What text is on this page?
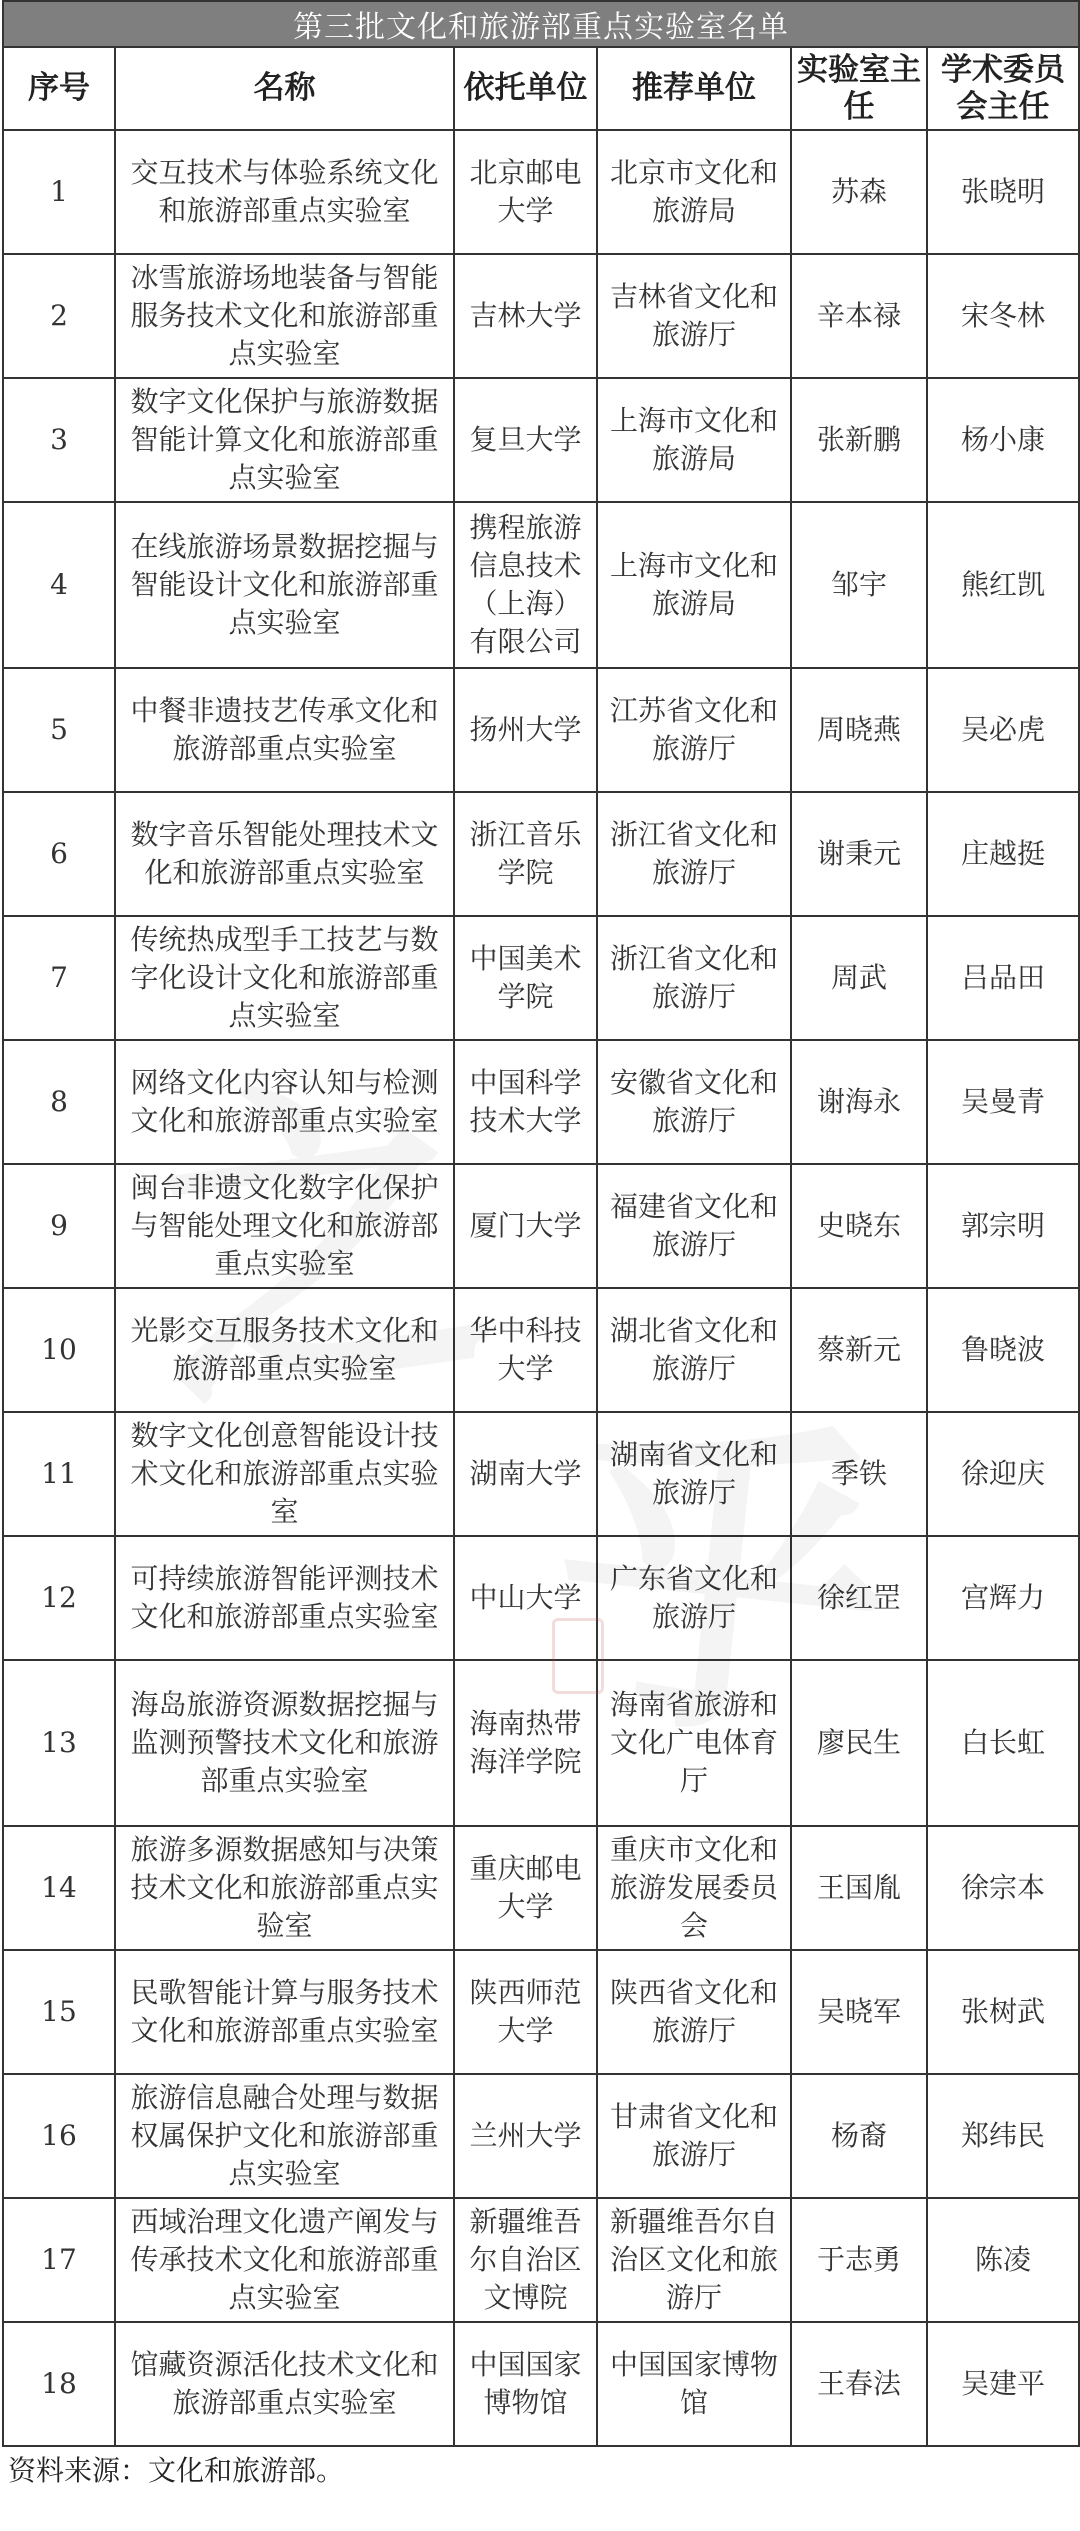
第三批文化和旅游部重点实验室名单					
序号	名称	依托单位	推荐单位	实验室主任	学术委员会主任
1	交互技术与体验系统文化和旅游部重点实验室	北京邮电大学	北京市文化和旅游局	苏森	张晓明
2	冰雪旅游场地装备与智能服务技术文化和旅游部重点实验室	吉林大学	吉林省文化和旅游厅	辛本禄	宋冬林
3	数字文化保护与旅游数据智能计算文化和旅游部重点实验室	复旦大学	上海市文化和旅游局	张新鹏	杨小康
4	在线旅游场景数据挖掘与智能设计文化和旅游部重点实验室	携程旅游信息技术（上海）有限公司	上海市文化和旅游局	邹宇	熊红凯
5	中餐非遗技艺传承文化和旅游部重点实验室	扬州大学	江苏省文化和旅游厅	周晓燕	吴必虎
6	数字音乐智能处理技术文化和旅游部重点实验室	浙江音乐学院	浙江省文化和旅游厅	谢秉元	庄越挺
7	传统热成型手工技艺与数字化设计文化和旅游部重点实验室	中国美术学院	浙江省文化和旅游厅	周武	吕品田
8	网络文化内容认知与检测文化和旅游部重点实验室	中国科学技术大学	安徽省文化和旅游厅	谢海永	吴曼青
9	闽台非遗文化数字化保护与智能处理文化和旅游部重点实验室	厦门大学	福建省文化和旅游厅	史晓东	郭宗明
10	光影交互服务技术文化和旅游部重点实验室	华中科技大学	湖北省文化和旅游厅	蔡新元	鲁晓波
11	数字文化创意智能设计技术文化和旅游部重点实验室	湖南大学	湖南省文化和旅游厅	季铁	徐迎庆
12	可持续旅游智能评测技术文化和旅游部重点实验室	中山大学	广东省文化和旅游厅	徐红罡	宫辉力
13	海岛旅游资源数据挖掘与监测预警技术文化和旅游部重点实验室	海南热带海洋学院	海南省旅游和文化广电体育厅	廖民生	白长虹
14	旅游多源数据感知与决策技术文化和旅游部重点实验室	重庆邮电大学	重庆市文化和旅游发展委员会	王国胤	徐宗本
15	民歌智能计算与服务技术文化和旅游部重点实验室	陕西师范大学	陕西省文化和旅游厅	吴晓军	张树武
16	旅游信息融合处理与数据权属保护文化和旅游部重点实验室	兰州大学	甘肃省文化和旅游厅	杨裔	郑纬民
17	西域治理文化遗产阐发与传承技术文化和旅游部重点实验室	新疆维吾尔自治区文博院	新疆维吾尔自治区文化和旅游厅	于志勇	陈凌
18	馆藏资源活化技术文化和旅游部重点实验室	中国国家博物馆	中国国家博物馆	王春法	吴建平
资料来源：文化和旅游部。
